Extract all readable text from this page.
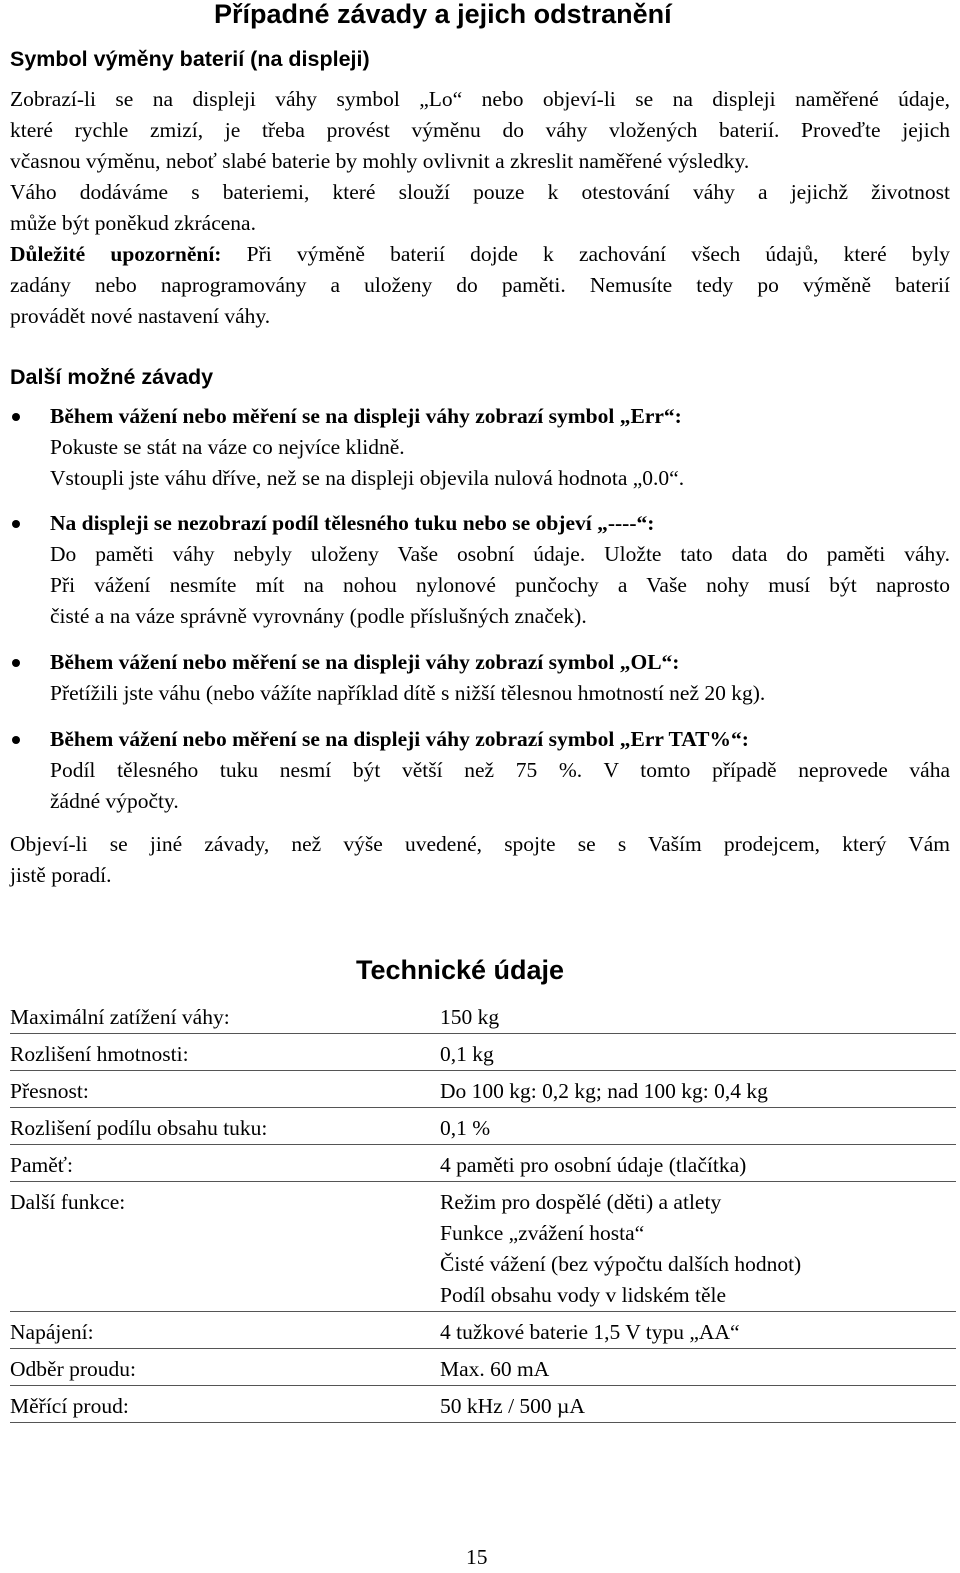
Případné závady a jejich odstranění
Symbol výměny baterií (na displeji)
Zobrazí-li se na displeji váhy symbol „Lo“ nebo objeví-li se na displeji naměřené údaje,
které rychle zmizí, je třeba provést výměnu do váhy vložených baterií. Proveďte jejich
včasnou výměnu, neboť slabé baterie by mohly ovlivnit a zkreslit naměřené výsledky.
Váho dodáváme s bateriemi, které slouží pouze k otestování váhy a jejichž životnost
může být poněkud zkrácena.
Důležité upozornění: Při výměně baterií dojde k zachování všech údajů, které byly
zadány nebo naprogramovány a uloženy do paměti. Nemusíte tedy po výměně baterií
provádět nové nastavení váhy.
Další možné závady
Během vážení nebo měření se na displeji váhy zobrazí symbol „Err“:
Pokuste se stát na váze co nejvíce klidně.
Vstoupli jste váhu dříve, než se na displeji objevila nulová hodnota „0.0“.
Na displeji se nezobrazí podíl tělesného tuku nebo se objeví „----“:
Do paměti váhy nebyly uloženy Vaše osobní údaje. Uložte tato data do paměti váhy.
Při vážení nesmíte mít na nohou nylonové punčochy a Vaše nohy musí být naprosto
čisté a na váze správně vyrovnány (podle příslušných značek).
Během vážení nebo měření se na displeji váhy zobrazí symbol „OL“:
Přetížili jste váhu (nebo vážíte například dítě s nižší tělesnou hmotností než 20 kg).
Během vážení nebo měření se na displeji váhy zobrazí symbol „Err TAT%“:
Podíl tělesného tuku nesmí být větší než 75 %. V tomto případě neprovede váha
žádné výpočty.
Objeví-li se jiné závady, než výše uvedené, spojte se s Vaším prodejcem, který Vám
jistě poradí.
Technické údaje
Maximální zatížení váhy:	150 kg
Rozlišení hmotnosti:	0,1 kg
Přesnost:	Do 100 kg: 0,2 kg; nad 100 kg: 0,4 kg
Rozlišení podílu obsahu tuku:	0,1 %
Paměť:	4 paměti pro osobní údaje (tlačítka)
Další funkce:	Režim pro dospělé (děti) a atlety
Funkce „zvážení hosta“
Čisté vážení (bez výpočtu dalších hodnot)
Podíl obsahu vody v lidském těle
Napájení:	4 tužkové baterie 1,5 V typu „AA“
Odběr proudu:	Max. 60 mA
Měřící proud:	50 kHz / 500 µA

15
